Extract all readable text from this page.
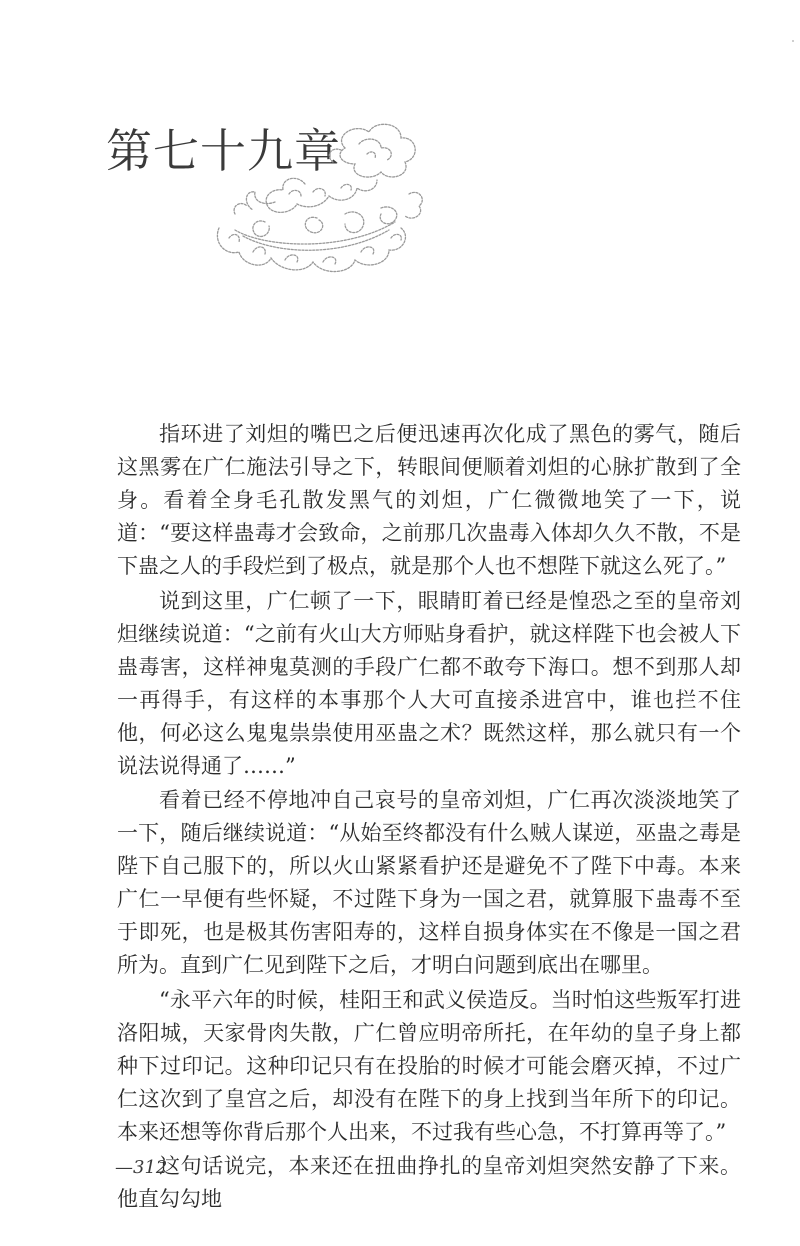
第七十九章

指环进了刘炟的嘴巴之后便迅速再次化成了黑色的雾气，随后这黑雾在广仁施法引导之下，转眼间便顺着刘炟的心脉扩散到了全身。看着全身毛孔散发黑气的刘炟，广仁微微地笑了一下，说道：“要这样蛊毒才会致命，之前那几次蛊毒入体却久久不散，不是下蛊之人的手段烂到了极点，就是那个人也不想陛下就这么死了。”

说到这里，广仁顿了一下，眼睛盯着已经是惶恐之至的皇帝刘炟继续说道：“之前有火山大方师贴身看护，就这样陛下也会被人下蛊毒害，这样神鬼莫测的手段广仁都不敢夸下海口。想不到那人却一再得手，有这样的本事那个人大可直接杀进宫中，谁也拦不住他，何必这么鬼鬼祟祟使用巫蛊之术？既然这样，那么就只有一个说法说得通了……”

看着已经不停地冲自己哀号的皇帝刘炟，广仁再次淡淡地笑了一下，随后继续说道：“从始至终都没有什么贼人谋逆，巫蛊之毒是陛下自己服下的，所以火山紧紧看护还是避免不了陛下中毒。本来广仁一早便有些怀疑，不过陛下身为一国之君，就算服下蛊毒不至于即死，也是极其伤害阳寿的，这样自损身体实在不像是一国之君所为。直到广仁见到陛下之后，才明白问题到底出在哪里。

“永平六年的时候，桂阳王和武义侯造反。当时怕这些叛军打进洛阳城，天家骨肉失散，广仁曾应明帝所托，在年幼的皇子身上都种下过印记。这种印记只有在投胎的时候才可能会磨灭掉，不过广仁这次到了皇宫之后，却没有在陛下的身上找到当年所下的印记。本来还想等你背后那个人出来，不过我有些心急，不打算再等了。”

这句话说完，本来还在扭曲挣扎的皇帝刘炟突然安静了下来。他直勾勾地

—312
